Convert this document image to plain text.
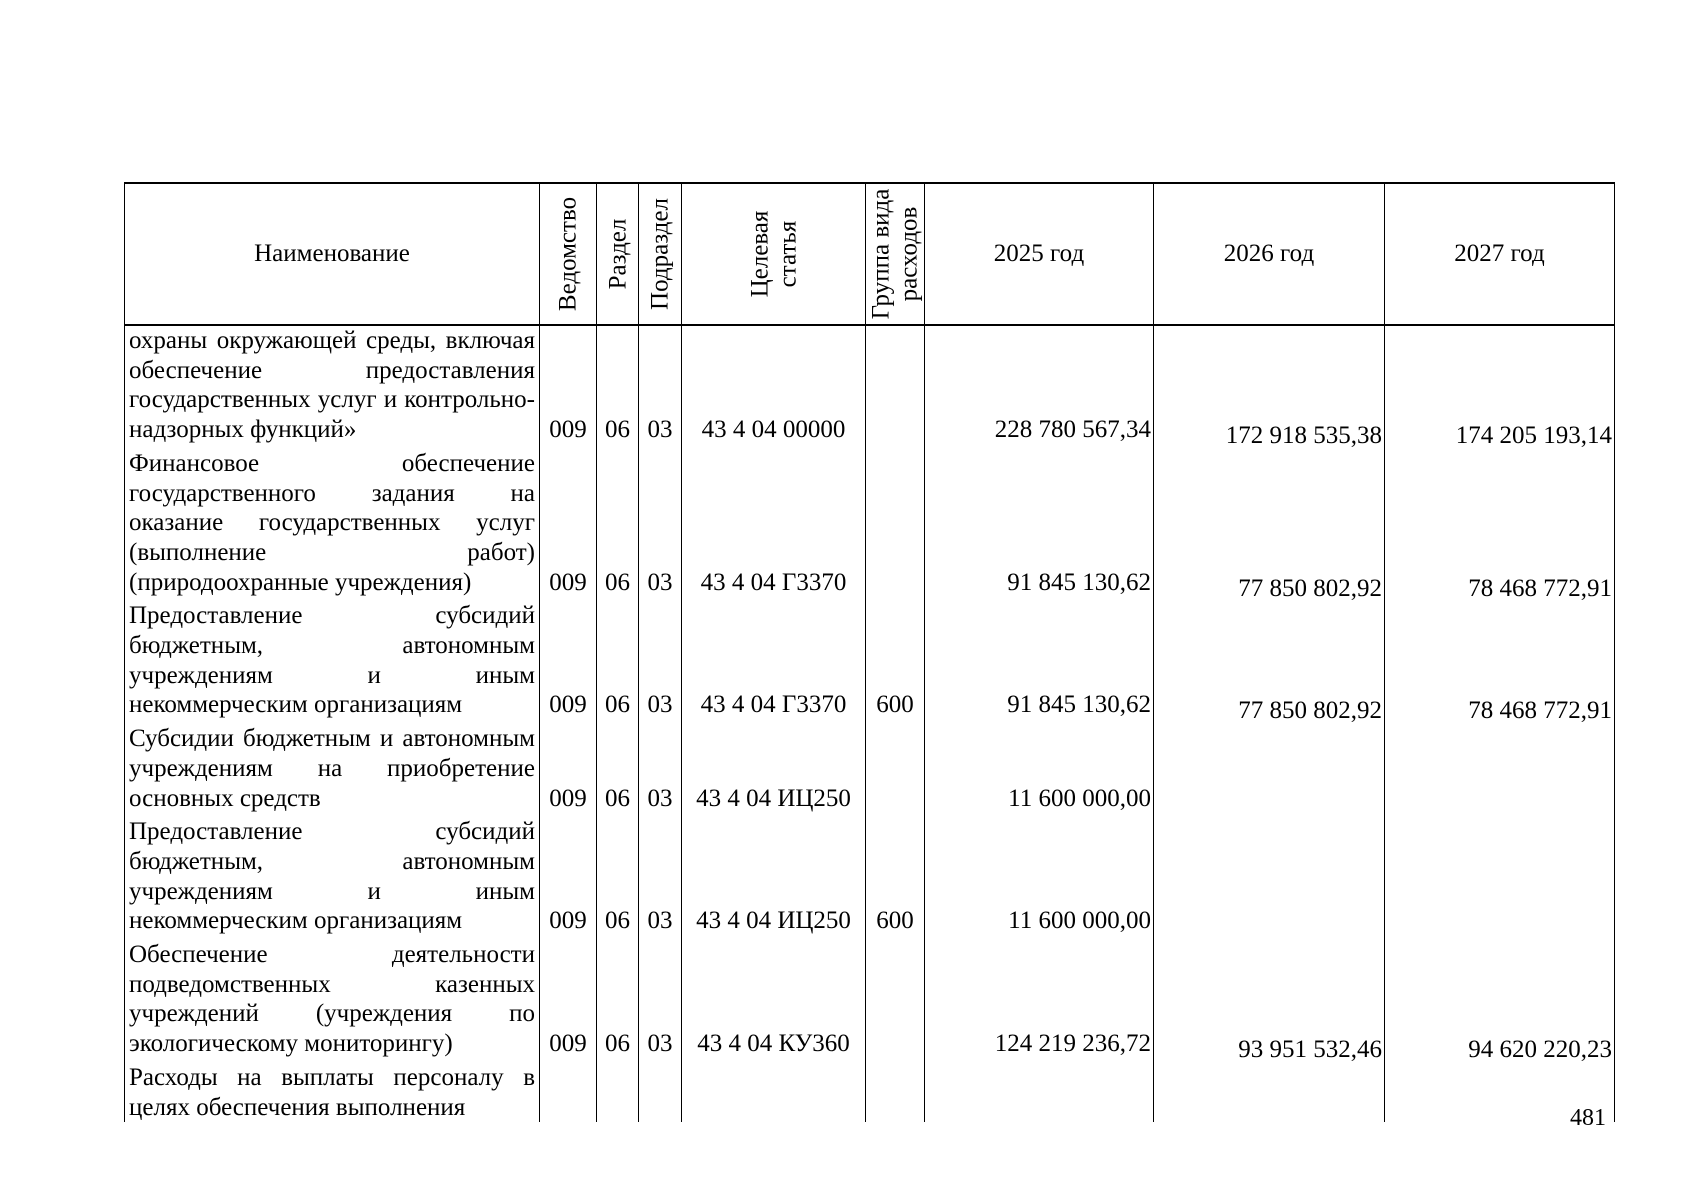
Наименование	Ведомство	Раздел	Подраздел	Целевая статья	Группа вида расходов	2025 год	2026 год	2027 год

охраны окружающей среды, включая обеспечение предоставления государственных услуг и контрольно-надзорных функций»	009	06	03	43 4 04 00000		228 780 567,34	172 918 535,38	174 205 193,14
Финансовое обеспечение государственного задания на оказание государственных услуг (выполнение работ) (природоохранные учреждения)	009	06	03	43 4 04 Г3370		91 845 130,62	77 850 802,92	78 468 772,91
Предоставление субсидий бюджетным, автономным учреждениям и иным некоммерческим организациям	009	06	03	43 4 04 Г3370	600	91 845 130,62	77 850 802,92	78 468 772,91
Субсидии бюджетным и автономным учреждениям на приобретение основных средств	009	06	03	43 4 04 ИЦ250		11 600 000,00		
Предоставление субсидий бюджетным, автономным учреждениям и иным некоммерческим организациям	009	06	03	43 4 04 ИЦ250	600	11 600 000,00		
Обеспечение деятельности подведомственных казенных учреждений (учреждения по экологическому мониторингу)	009	06	03	43 4 04 КУ360		124 219 236,72	93 951 532,46	94 620 220,23
Расходы на выплаты персоналу в целях обеспечения выполнения									481
